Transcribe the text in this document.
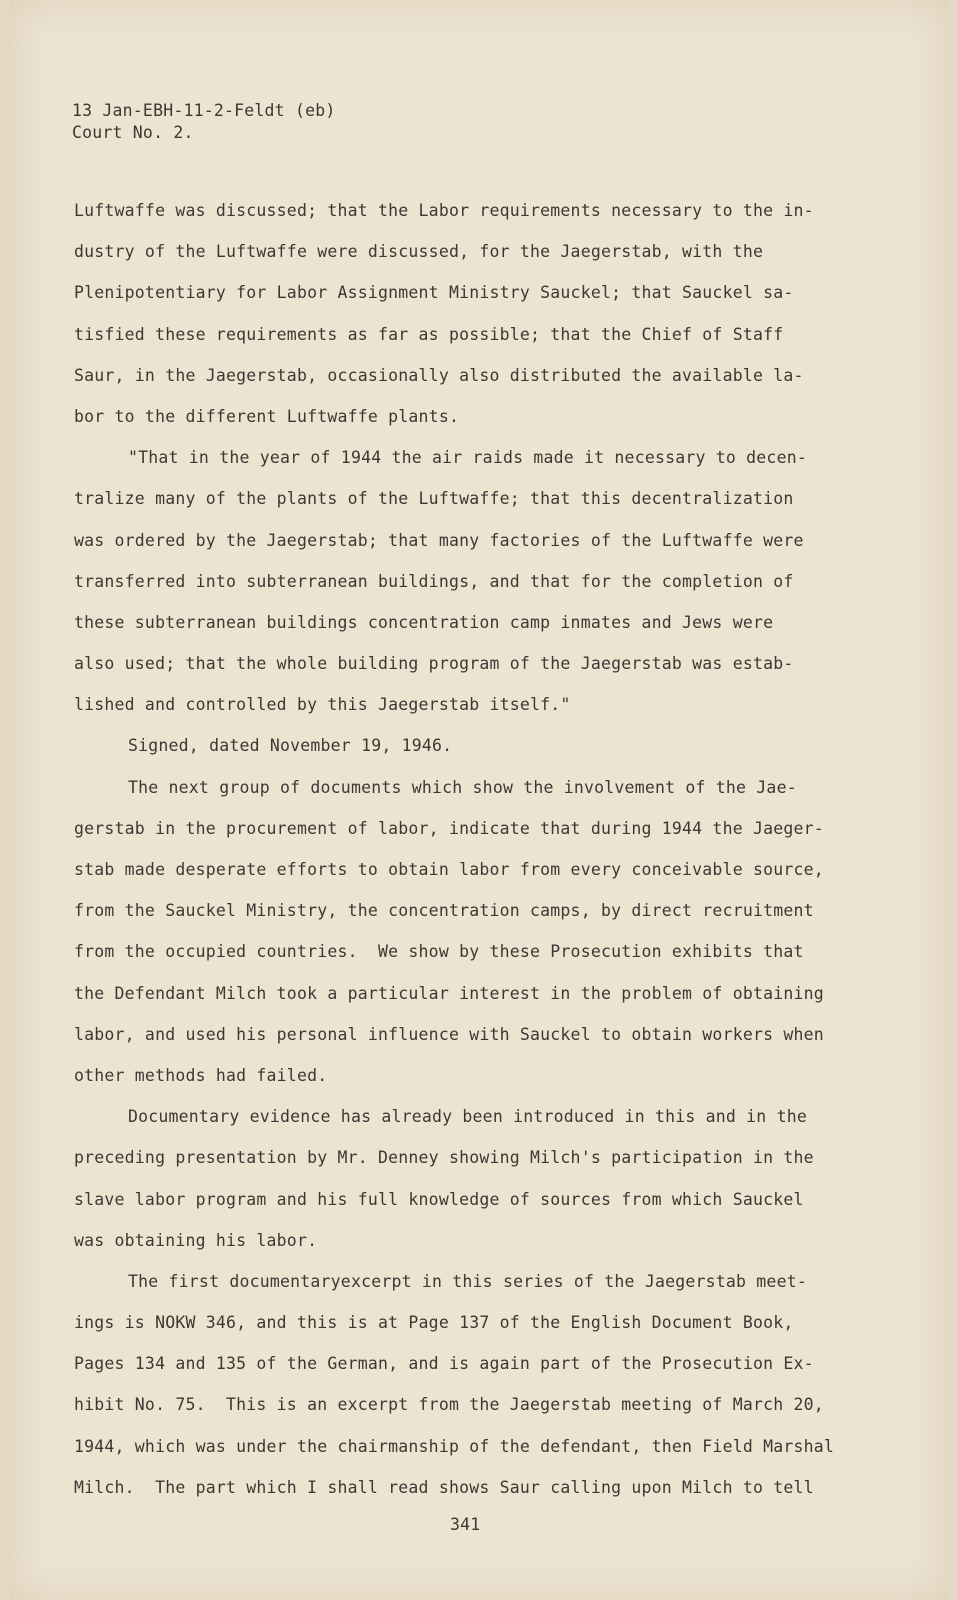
13 Jan-EBH-11-2-Feldt (eb)
Court No. 2.
Luftwaffe was discussed; that the Labor requirements necessary to the in-
dustry of the Luftwaffe were discussed, for the Jaegerstab, with the
Plenipotentiary for Labor Assignment Ministry Sauckel; that Sauckel sa-
tisfied these requirements as far as possible; that the Chief of Staff
Saur, in the Jaegerstab, occasionally also distributed the available la-
bor to the different Luftwaffe plants.
"That in the year of 1944 the air raids made it necessary to decen-
tralize many of the plants of the Luftwaffe; that this decentralization
was ordered by the Jaegerstab; that many factories of the Luftwaffe were
transferred into subterranean buildings, and that for the completion of
these subterranean buildings concentration camp inmates and Jews were
also used; that the whole building program of the Jaegerstab was estab-
lished and controlled by this Jaegerstab itself."
Signed, dated November 19, 1946.
The next group of documents which show the involvement of the Jae-
gerstab in the procurement of labor, indicate that during 1944 the Jaeger-
stab made desperate efforts to obtain labor from every conceivable source,
from the Sauckel Ministry, the concentration camps, by direct recruitment
from the occupied countries.  We show by these Prosecution exhibits that
the Defendant Milch took a particular interest in the problem of obtaining
labor, and used his personal influence with Sauckel to obtain workers when
other methods had failed.
Documentary evidence has already been introduced in this and in the
preceding presentation by Mr. Denney showing Milch's participation in the
slave labor program and his full knowledge of sources from which Sauckel
was obtaining his labor.
The first documentaryexcerpt in this series of the Jaegerstab meet-
ings is NOKW 346, and this is at Page 137 of the English Document Book,
Pages 134 and 135 of the German, and is again part of the Prosecution Ex-
hibit No. 75.  This is an excerpt from the Jaegerstab meeting of March 20,
1944, which was under the chairmanship of the defendant, then Field Marshal
Milch.  The part which I shall read shows Saur calling upon Milch to tell
341
